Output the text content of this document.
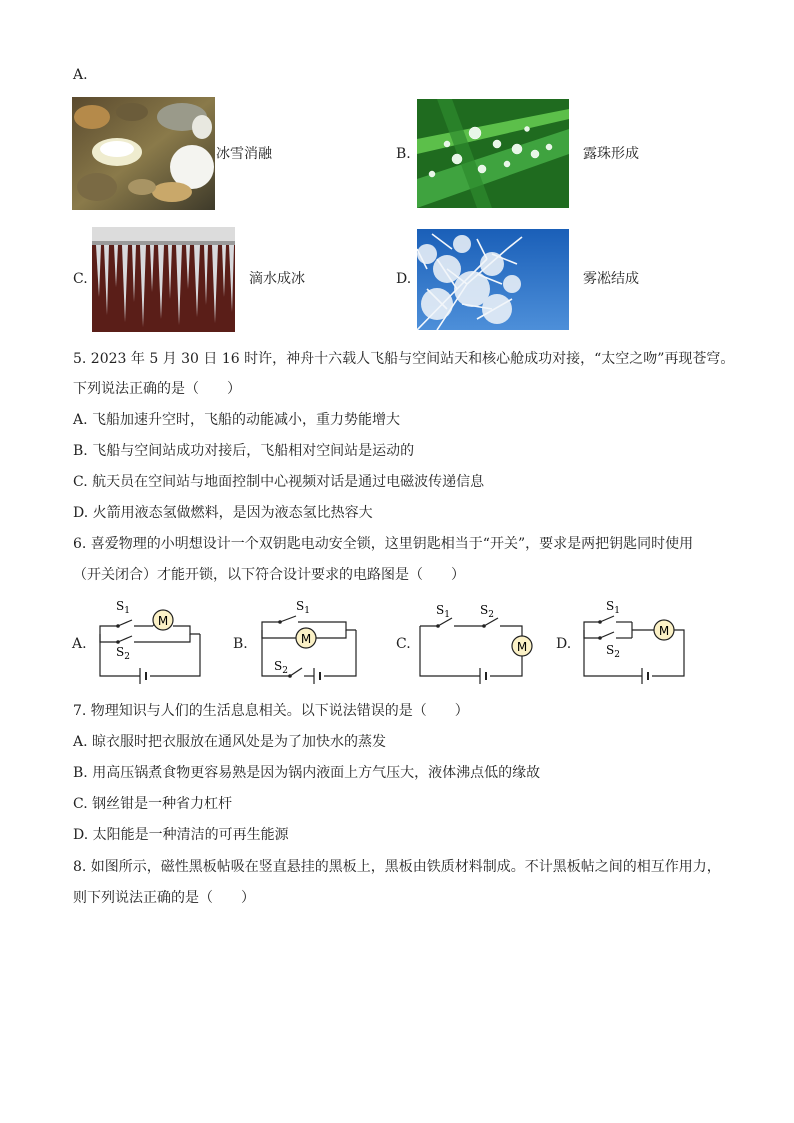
A.
冰雪消融	B.	露珠形成
C.	滴水成冰	D.	雾凇结成
5. 2023 年 5 月 30 日 16 时许，神舟十六载人飞船与空间站天和核心舱成功对接，“太空之吻”再现苍穹。
下列说法正确的是（　　）
A. 飞船加速升空时，飞船的动能减小，重力势能增大
B. 飞船与空间站成功对接后，飞船相对空间站是运动的
C. 航天员在空间站与地面控制中心视频对话是通过电磁波传递信息
D. 火箭用液态氢做燃料，是因为液态氢比热容大
6. 喜爱物理的小明想设计一个双钥匙电动安全锁，这里钥匙相当于“开关”，要求是两把钥匙同时使用
（开关闭合）才能开锁，以下符合设计要求的电路图是（　　）
A.
M
$S_1$
$S_2$
B.	M
$S_1$
$S_2$
C.	M
$S_1$	$S_2$
D.
M
$S_1$
$S_2$
7. 物理知识与人们的生活息息相关。以下说法错误的是（　　）
A. 晾衣服时把衣服放在通风处是为了加快水的蒸发
B. 用高压锅煮食物更容易熟是因为锅内液面上方气压大，液体沸点低的缘故
C. 钢丝钳是一种省力杠杆
D. 太阳能是一种清洁的可再生能源
8. 如图所示，磁性黑板帖吸在竖直悬挂的黑板上，黑板由铁质材料制成。不计黑板帖之间的相互作用力，
则下列说法正确的是（　　）
